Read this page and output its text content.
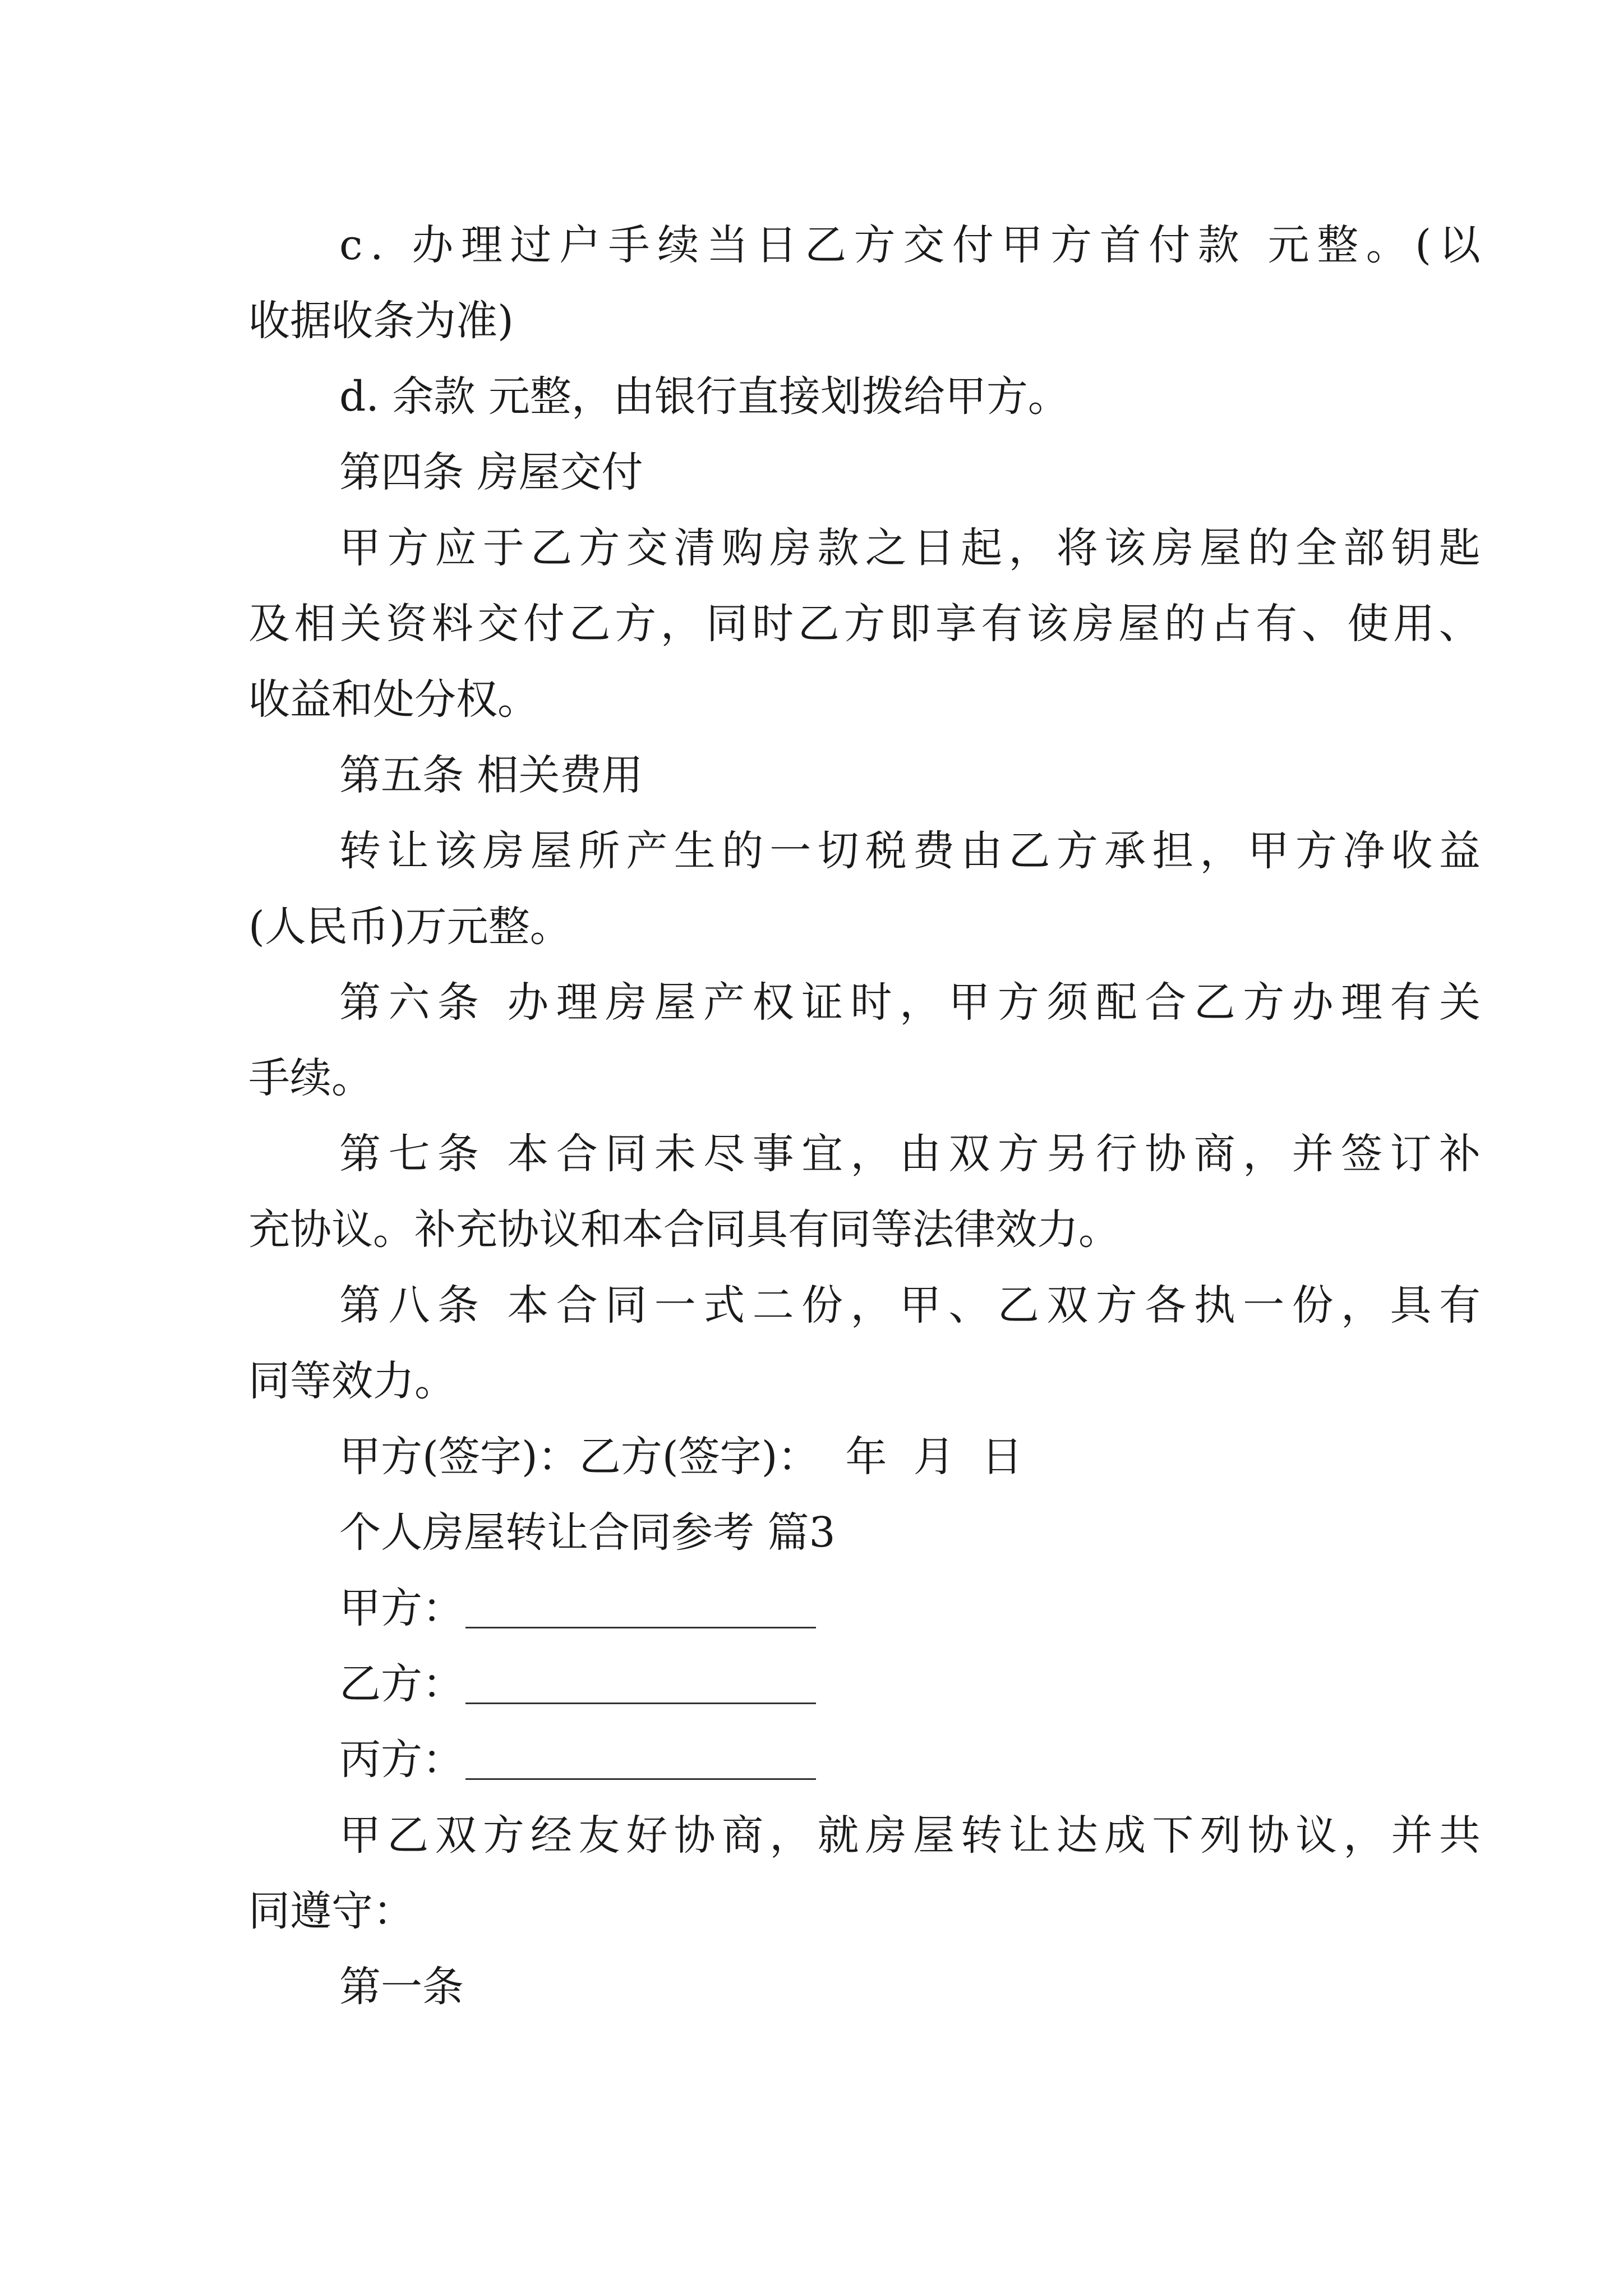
c .
办 理 过 户 手 续 当 日 乙 方 交 付 甲 方 首 付 款
元 整 。 ( 以
收据收条为准)
d. 余款 元整，由银行直接划拨给甲方。
第四条 房屋交付
甲 方 应 于 乙 方 交 清 购 房 款 之 日 起 ， 将 该 房 屋 的 全 部 钥 匙
及 相 关 资 料 交 付 乙 方 ， 同 时 乙 方 即 享 有 该 房 屋 的 占 有 、 使 用 、
收益和处分权。
第五条 相关费用
转 让 该 房 屋 所 产 生 的 一 切 税 费 由 乙 方 承 担 ， 甲 方 净 收 益
(人民币)万元整。
第 六 条
办 理 房 屋 产 权 证 时 ， 甲 方 须 配 合 乙 方 办 理 有 关
手续。
第 七 条
本 合 同 未 尽 事 宜 ， 由 双 方 另 行 协 商 ， 并 签 订 补
充协议。补充协议和本合同具有同等法律效力。
第 八 条
本 合 同 一 式 二 份 ， 甲 、 乙 双 方 各 执 一 份 ， 具 有
同等效力。
甲方(签字)：乙方(签字)：  年  月  日
个人房屋转让合同参考 篇3
甲方：
乙方：
丙方：
甲 乙 双 方 经 友 好 协 商 ， 就 房 屋 转 让 达 成 下 列 协 议 ， 并 共
同遵守：
第一条
